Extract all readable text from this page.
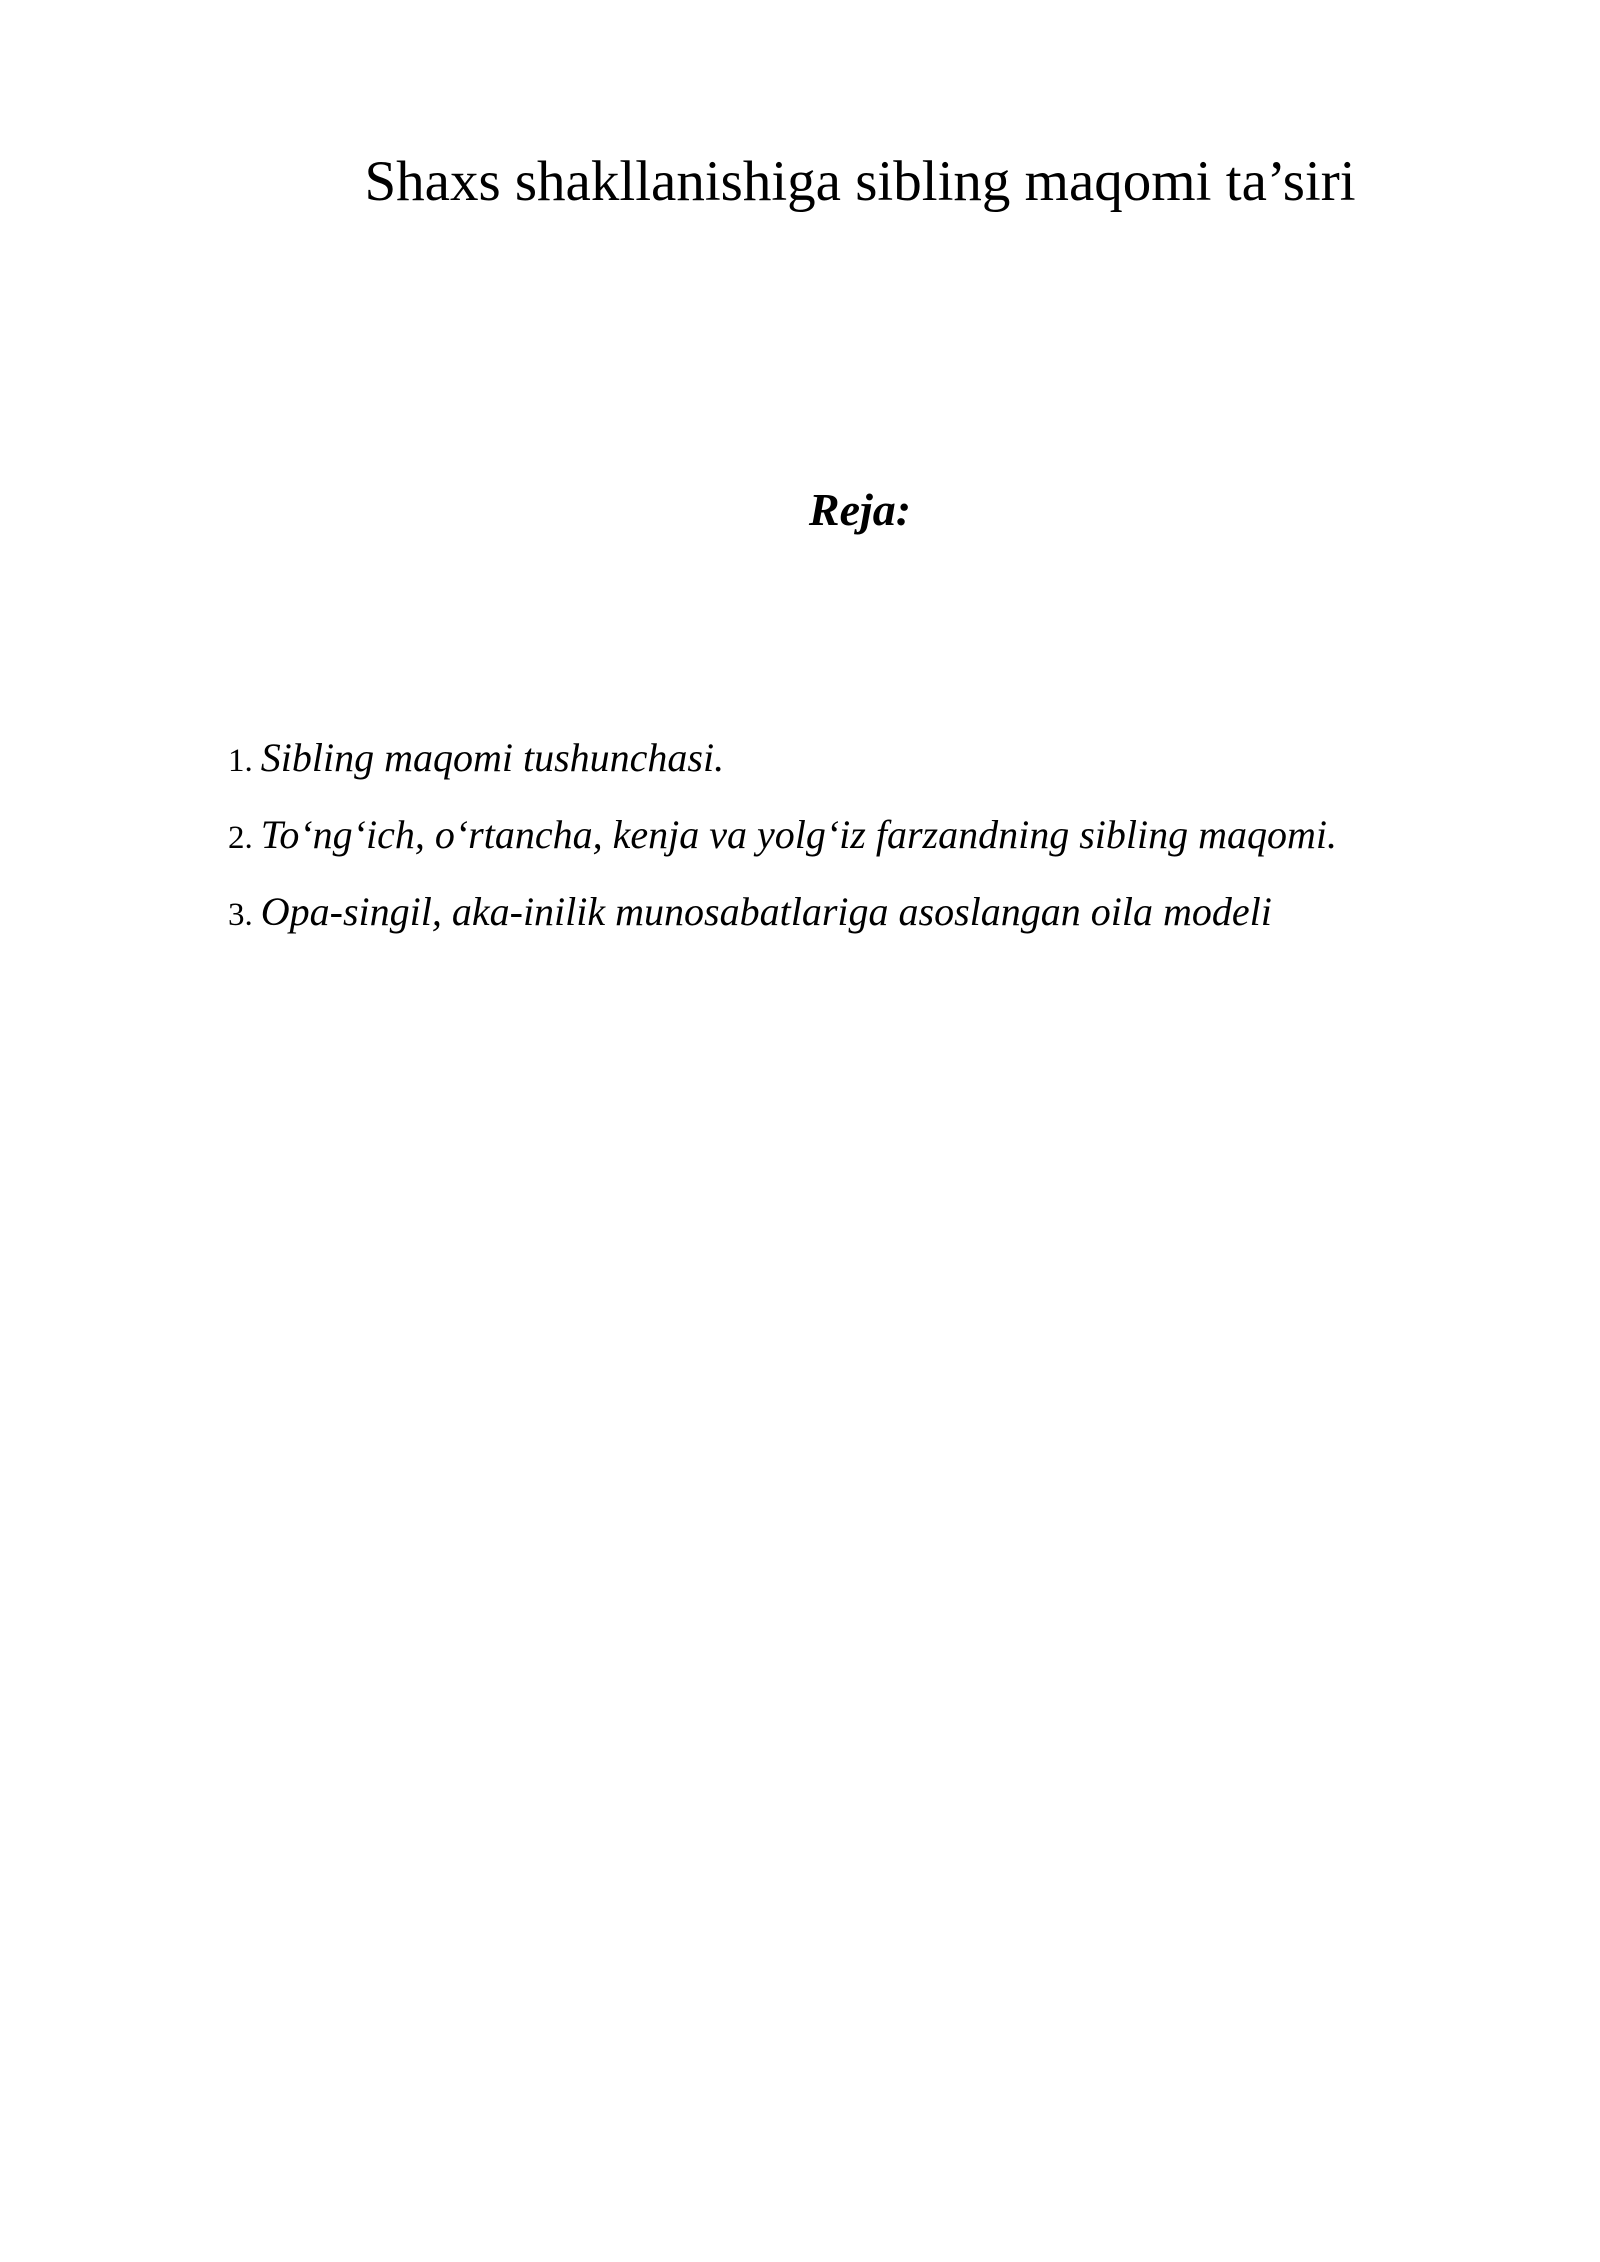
Shaxs shakllanishiga sibling maqomi ta’siri
Reja:
1. Sibling maqomi tushunchasi.
2. To‘ng‘ich, o‘rtancha, kenja va yolg‘iz farzandning sibling maqomi.
3. Opa-singil, aka-inilik munosabatlariga asoslangan oila modeli
